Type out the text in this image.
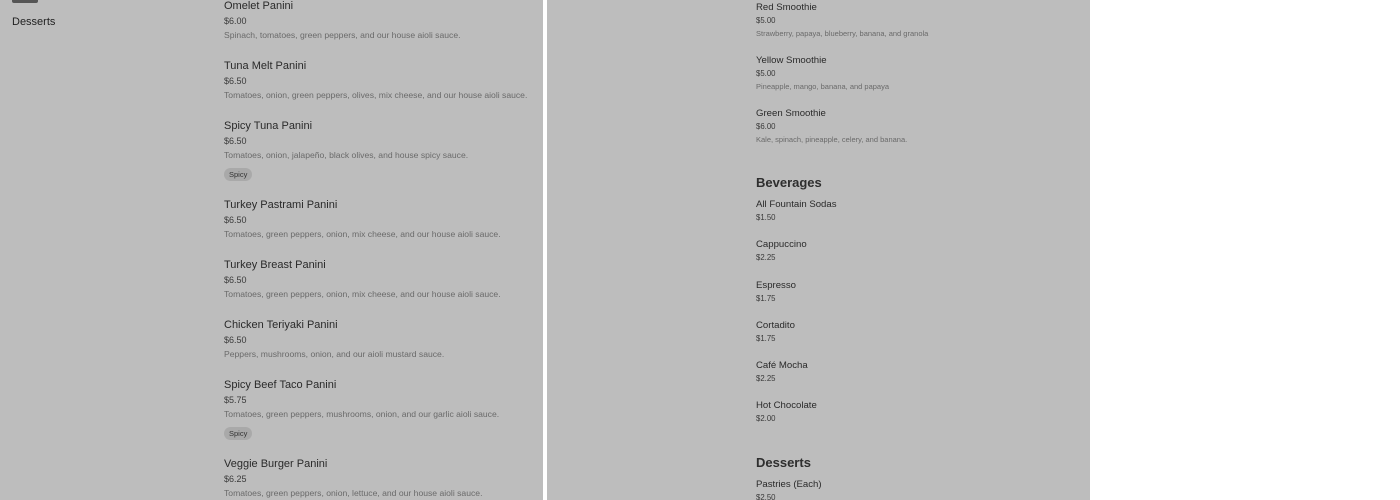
Desserts
Omelet Panini
$6.00
Spinach, tomatoes, green peppers, and our house aioli sauce.
Tuna Melt Panini
$6.50
Tomatoes, onion, green peppers, olives, mix cheese, and our house aioli sauce.
Spicy Tuna Panini
$6.50
Tomatoes, onion, jalapeño, black olives, and house spicy sauce.
Spicy
Turkey Pastrami Panini
$6.50
Tomatoes, green peppers, onion, mix cheese, and our house aioli sauce.
Turkey Breast Panini
$6.50
Tomatoes, green peppers, onion, mix cheese, and our house aioli sauce.
Chicken Teriyaki Panini
$6.50
Peppers, mushrooms, onion, and our aioli mustard sauce.
Spicy Beef Taco Panini
$5.75
Tomatoes, green peppers, mushrooms, onion, and our garlic aioli sauce.
Spicy
Veggie Burger Panini
$6.25
Tomatoes, green peppers, onion, lettuce, and our house aioli sauce.
Red Smoothie
$5.00
Strawberry, papaya, blueberry, banana, and granola
Yellow Smoothie
$5.00
Pineapple, mango, banana, and papaya
Green Smoothie
$6.00
Kale, spinach, pineapple, celery, and banana.
Beverages
All Fountain Sodas
$1.50
Cappuccino
$2.25
Espresso
$1.75
Cortadito
$1.75
Café Mocha
$2.25
Hot Chocolate
$2.00
Desserts
Pastries (Each)
$2.50
